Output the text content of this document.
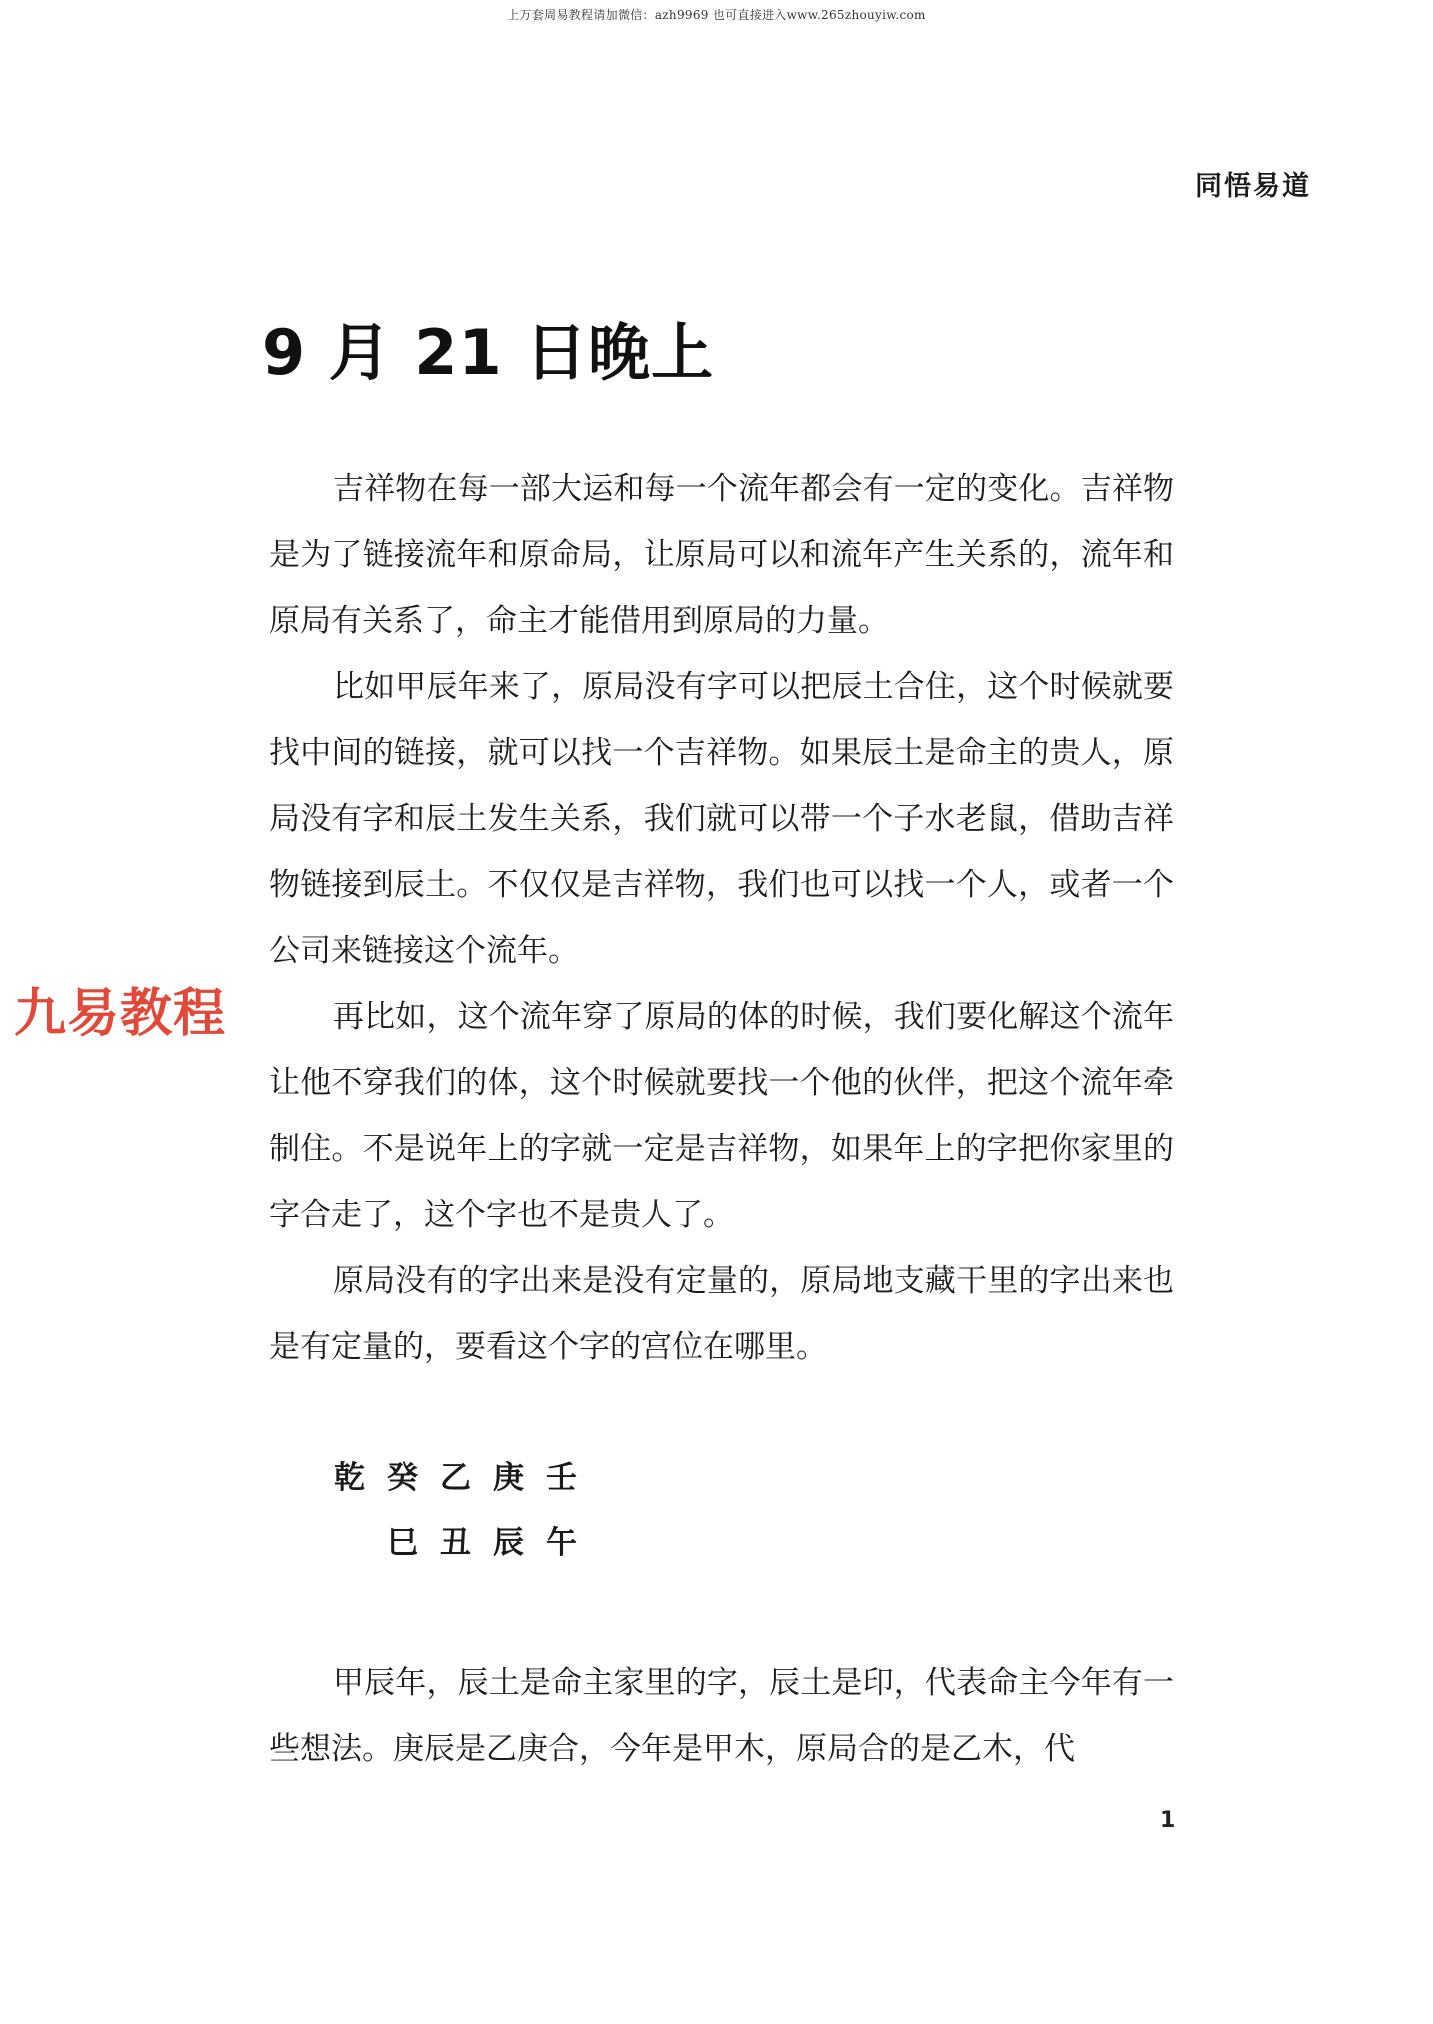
上万套周易教程请加微信：azh9969 也可直接进入www.265zhouyiw.com
同悟易道
9 月 21 日晚上

吉祥物在每一部大运和每一个流年都会有一定的变化。吉祥物是为了链接流年和原命局，让原局可以和流年产生关系的，流年和原局有关系了，命主才能借用到原局的力量。

比如甲辰年来了，原局没有字可以把辰土合住，这个时候就要找中间的链接，就可以找一个吉祥物。如果辰土是命主的贵人，原局没有字和辰土发生关系，我们就可以带一个子水老鼠，借助吉祥物链接到辰土。不仅仅是吉祥物，我们也可以找一个人，或者一个公司来链接这个流年。

再比如，这个流年穿了原局的体的时候，我们要化解这个流年让他不穿我们的体，这个时候就要找一个他的伙伴，把这个流年牵制住。不是说年上的字就一定是吉祥物，如果年上的字把你家里的字合走了，这个字也不是贵人了。

原局没有的字出来是没有定量的，原局地支藏干里的字出来也是有定量的，要看这个字的宫位在哪里。

九易教程
乾 癸 乙 庚 壬
巳 丑 辰 午

甲辰年，辰土是命主家里的字，辰土是印，代表命主今年有一些想法。庚辰是乙庚合，今年是甲木，原局合的是乙木，代

1
